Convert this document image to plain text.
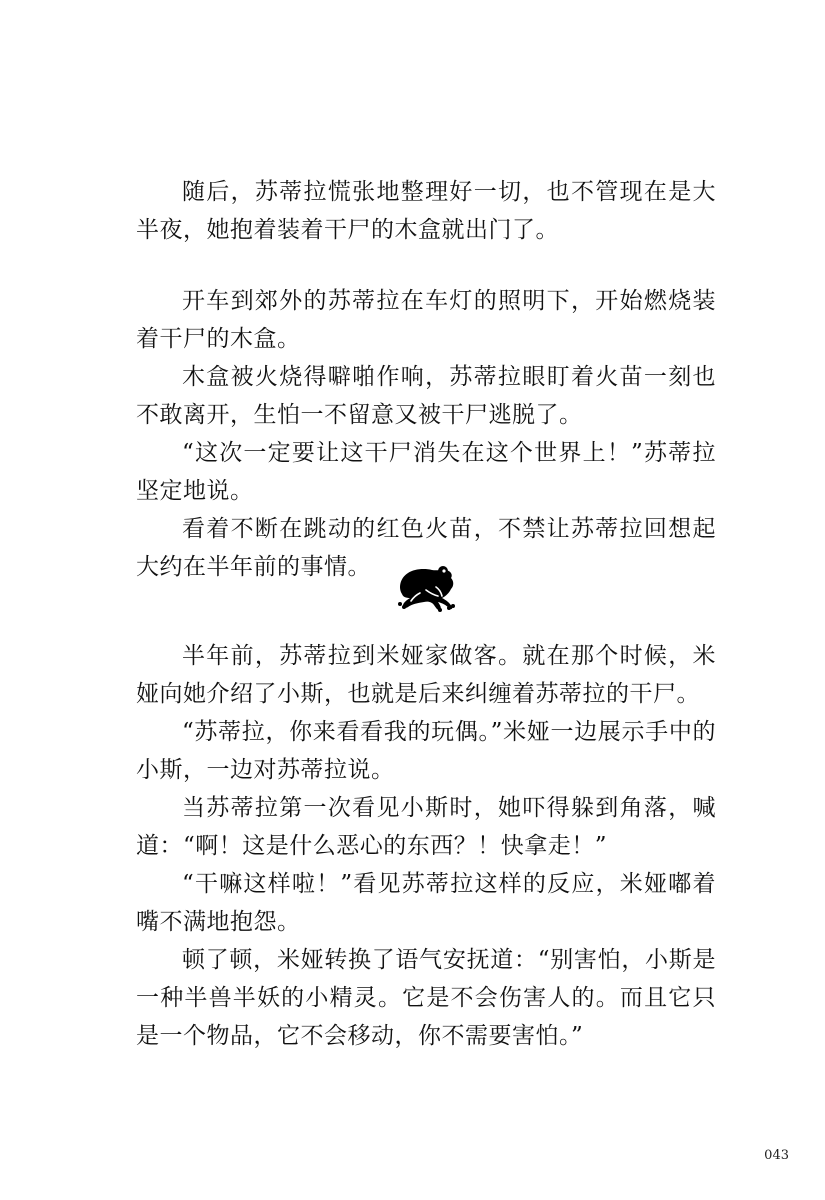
随后，苏蒂拉慌张地整理好一切，也不管现在是大半夜，她抱着装着干尸的木盒就出门了。

开车到郊外的苏蒂拉在车灯的照明下，开始燃烧装着干尸的木盒。

木盒被火烧得噼啪作响，苏蒂拉眼盯着火苗一刻也不敢离开，生怕一不留意又被干尸逃脱了。

“这次一定要让这干尸消失在这个世界上！”苏蒂拉坚定地说。

看着不断在跳动的红色火苗，不禁让苏蒂拉回想起大约在半年前的事情。

半年前，苏蒂拉到米娅家做客。就在那个时候，米娅向她介绍了小斯，也就是后来纠缠着苏蒂拉的干尸。

“苏蒂拉，你来看看我的玩偶。”米娅一边展示手中的小斯，一边对苏蒂拉说。

当苏蒂拉第一次看见小斯时，她吓得躲到角落，喊道：“啊！这是什么恶心的东西？！快拿走！”

“干嘛这样啦！”看见苏蒂拉这样的反应，米娅嘟着嘴不满地抱怨。

顿了顿，米娅转换了语气安抚道：“别害怕，小斯是一种半兽半妖的小精灵。它是不会伤害人的。而且它只是一个物品，它不会移动，你不需要害怕。”

043
